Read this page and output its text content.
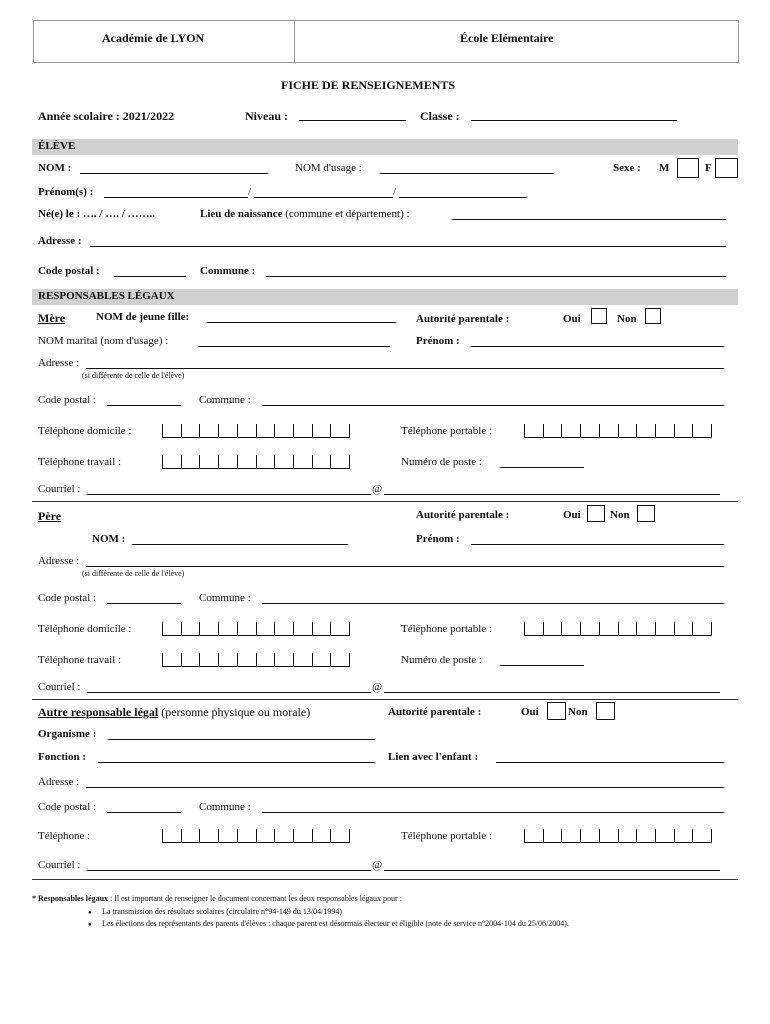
Académie de LYON	École Elémentaire
FICHE DE RENSEIGNEMENTS
Année scolaire : 2021/2022	Niveau :	Classe :
ÉLÈVE
NOM :	NOM d'usage :	Sexe : M	F
Prénom(s) :	/	/
Né(e) le : …. / …. / ……..	Lieu de naissance (commune et département) :
Adresse :
Code postal :	Commune :
RESPONSABLES LÉGAUX
Mère	NOM de jeune fille:	Autorité parentale :	Oui	Non
NOM marital (nom d'usage) :	Prénom :
Adresse :
(si différente de celle de l'élève)
Code postal :	Commune :
Téléphone domicile :	Téléphone portable :
Téléphone travail :	Numéro de poste :
Courriel :	@
Père	Autorité parentale :	Oui	Non
NOM :	Prénom :
Adresse :
(si différente de celle de l'élève)
Code postal :	Commune :
Téléphone domicile :	Téléphone portable :
Téléphone travail :	Numéro de poste :
Courriel :	@
Autre responsable légal (personne physique ou morale)	Autorité parentale :	Oui	Non
Organisme :
Fonction :	Lien avec l'enfant :
Adresse :
Code postal :	Commune :
Téléphone :	Téléphone portable :
Courriel :	@
* Responsables légaux : Il est important de renseigner le document concernant les deux responsables légaux pour :
● La transmission des résultats scolaires (circulaire n°94-149 du 13/04/1994)
● Les élections des représentants des parents d'élèves : chaque parent est désormais électeur et éligible (note de service n°2004-104 du 25/06/2004).
